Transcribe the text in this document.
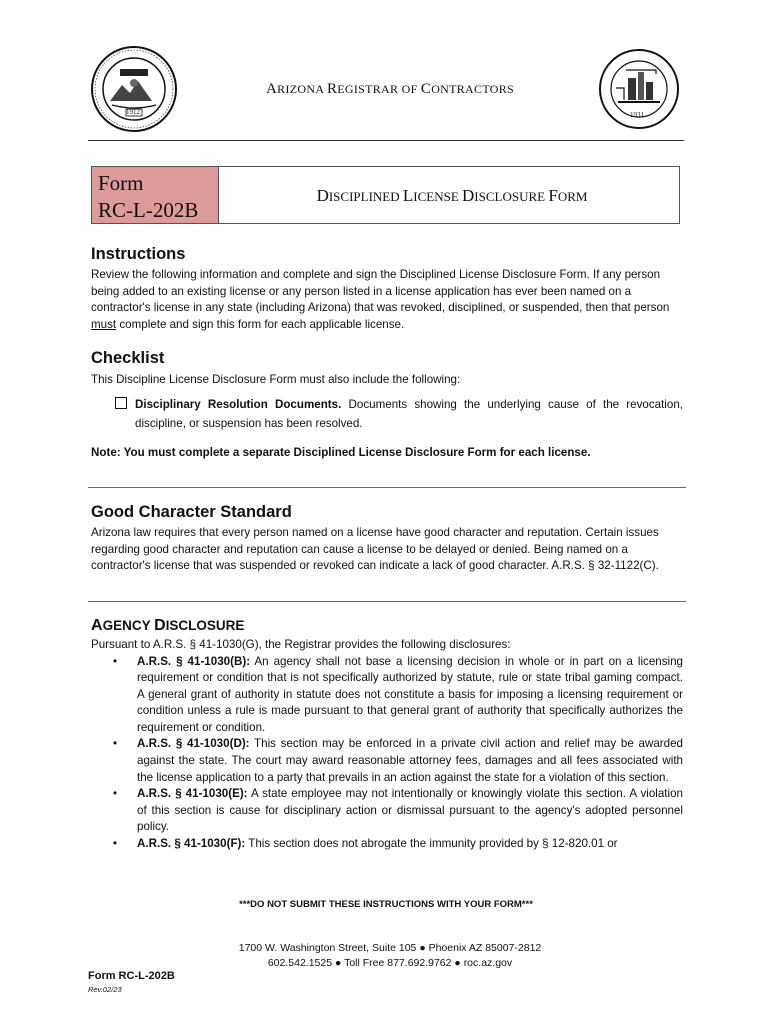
1912	1931
ARIZONA REGISTRAR OF CONTRACTORS
Form
RC-L-202B
DISCIPLINED LICENSE DISCLOSURE FORM
Instructions
Review the following information and complete and sign the Disciplined License Disclosure Form. If any person being added to an existing license or any person listed in a license application has ever been named on a contractor's license in any state (including Arizona) that was revoked, disciplined, or suspended, then that person must complete and sign this form for each applicable license.
Checklist
This Discipline License Disclosure Form must also include the following:
Disciplinary Resolution Documents. Documents showing the underlying cause of the revocation, discipline, or suspension has been resolved.
Note: You must complete a separate Disciplined License Disclosure Form for each license.
Good Character Standard
Arizona law requires that every person named on a license have good character and reputation. Certain issues regarding good character and reputation can cause a license to be delayed or denied. Being named on a contractor's license that was suspended or revoked can indicate a lack of good character. A.R.S. § 32-1122(C).
AGENCY DISCLOSURE
Pursuant to A.R.S. § 41-1030(G), the Registrar provides the following disclosures:
• A.R.S. § 41-1030(B): An agency shall not base a licensing decision in whole or in part on a licensing requirement or condition that is not specifically authorized by statute, rule or state tribal gaming compact. A general grant of authority in statute does not constitute a basis for imposing a licensing requirement or condition unless a rule is made pursuant to that general grant of authority that specifically authorizes the requirement or condition.
• A.R.S. § 41-1030(D): This section may be enforced in a private civil action and relief may be awarded against the state. The court may award reasonable attorney fees, damages and all fees associated with the license application to a party that prevails in an action against the state for a violation of this section.
• A.R.S. § 41-1030(E): A state employee may not intentionally or knowingly violate this section. A violation of this section is cause for disciplinary action or dismissal pursuant to the agency's adopted personnel policy.
• A.R.S. § 41-1030(F): This section does not abrogate the immunity provided by § 12-820.01 or
***DO NOT SUBMIT THESE INSTRUCTIONS WITH YOUR FORM***
1700 W. Washington Street, Suite 105 ● Phoenix AZ 85007-2812
602.542.1525 ● Toll Free 877.692.9762 ● roc.az.gov
Form RC-L-202B
Rev.02/23
